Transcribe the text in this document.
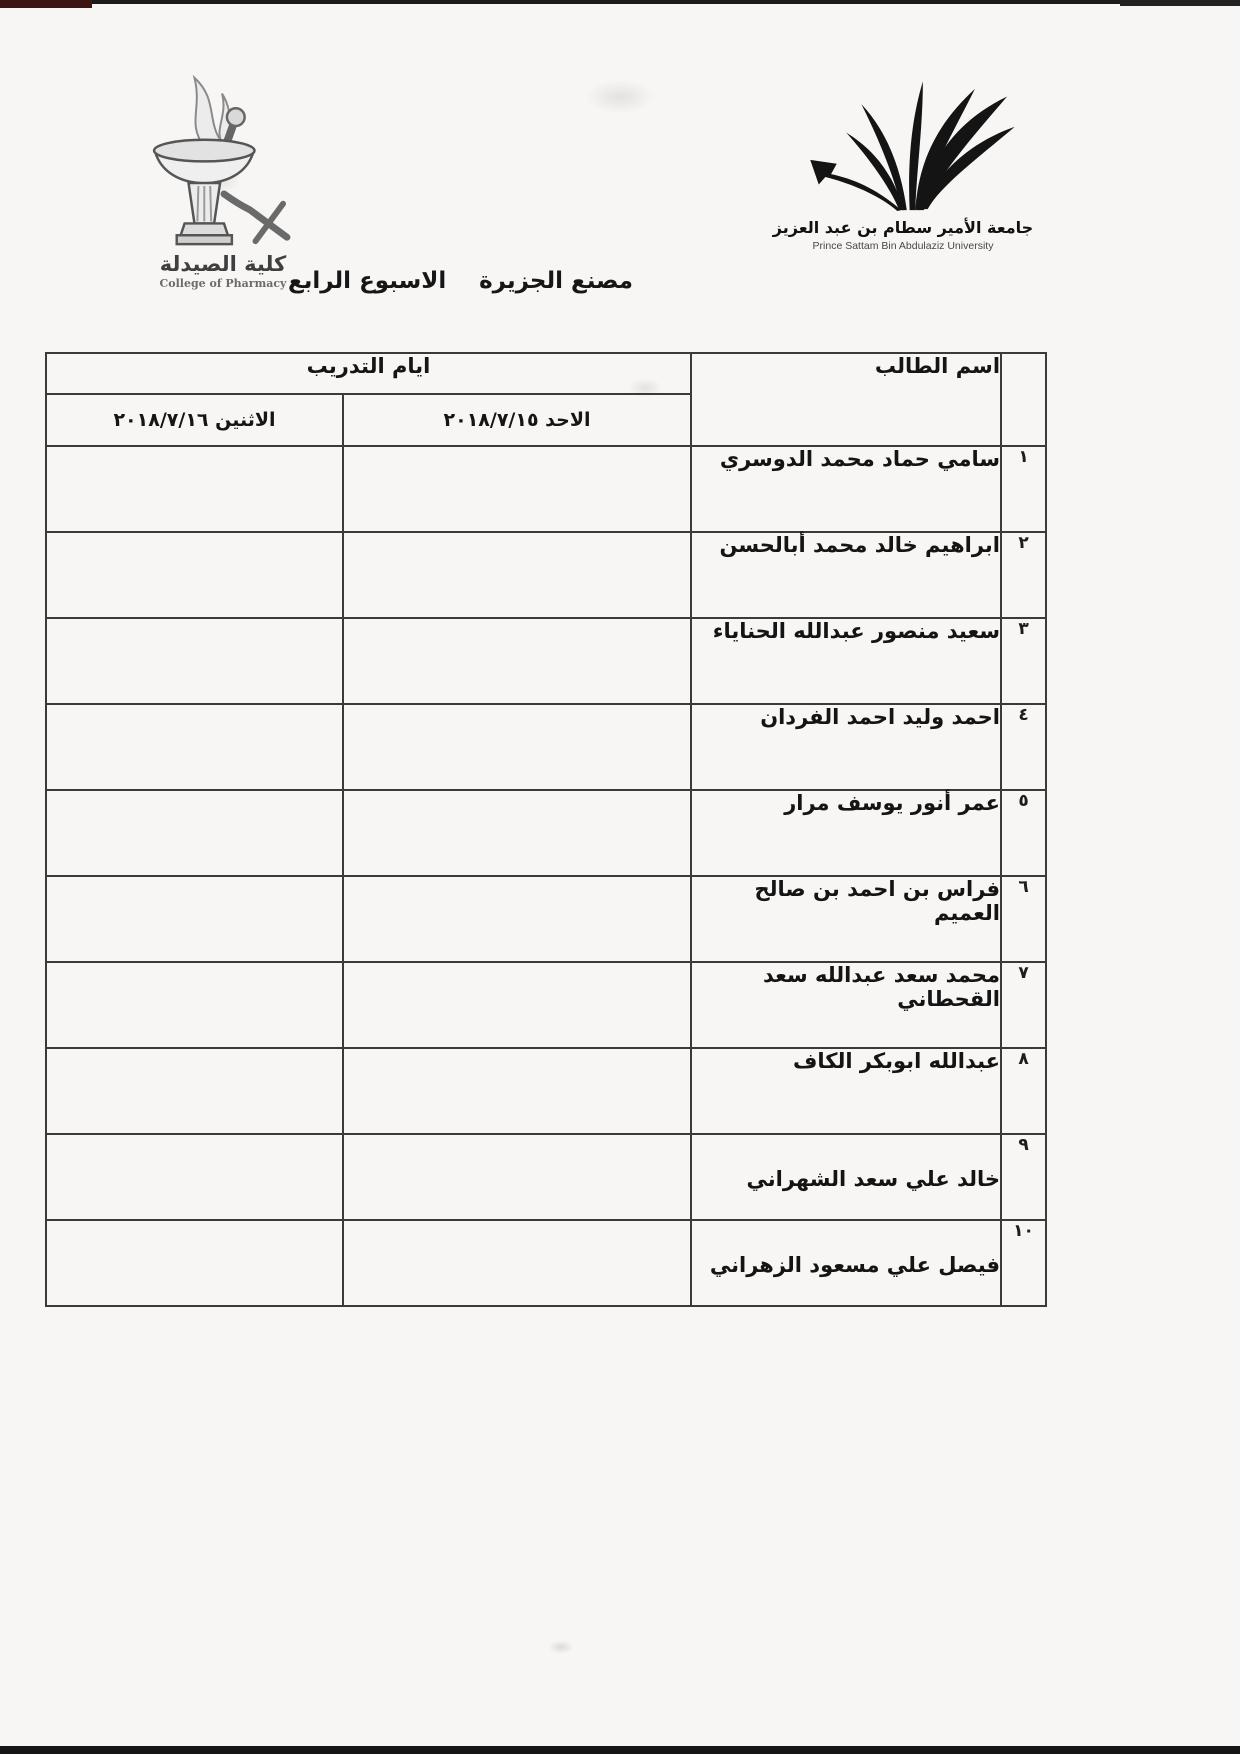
كلية الصيدلة
College of Pharmacy
جامعة الأمير سطام بن عبد العزيز
Prince Sattam Bin Abdulaziz University
مصنع الجزيرة
الاسبوع الرابع
	اسم الطالب	ايام التدريب	
		الاحد ٢٠١٨/٧/١٥	الاثنين ٢٠١٨/٧/١٦
١	سامي حماد محمد الدوسري		
٢	ابراهيم خالد محمد أبالحسن		
٣	سعيد منصور عبدالله الحناياء		
٤	احمد وليد احمد الفردان		
٥	عمر أنور يوسف مرار		
٦	فراس بن احمد بن صالح العميم		
٧	محمد سعد عبدالله سعد القحطاني		
٨	عبدالله ابوبكر الكاف		
٩	خالد علي سعد الشهراني		
١٠	فيصل علي مسعود الزهراني		
